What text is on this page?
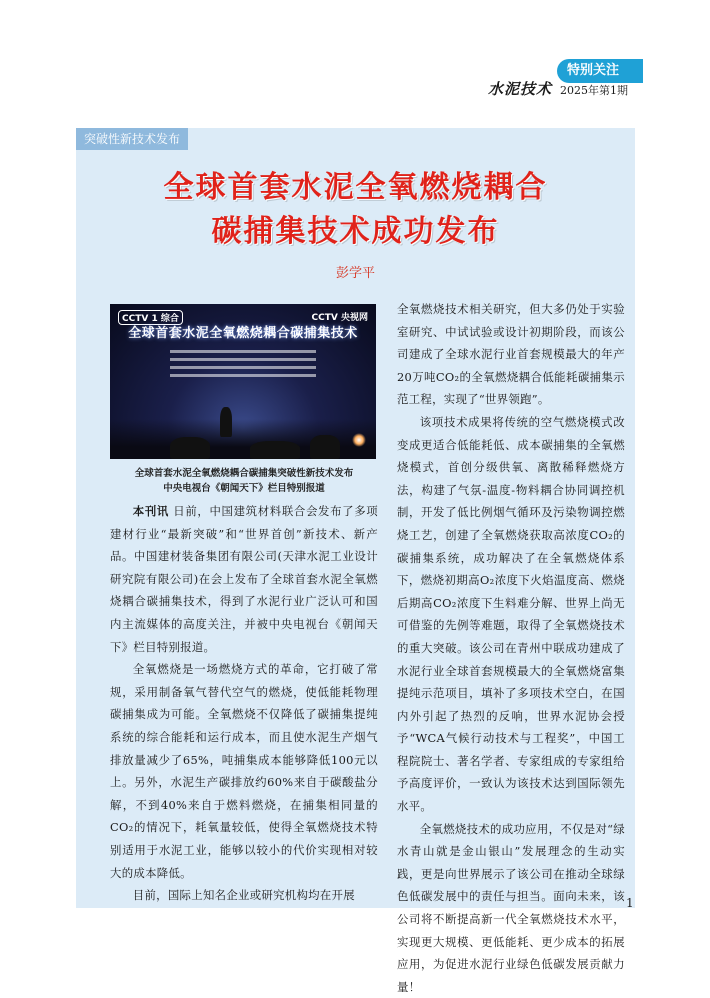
水泥技术 2025年第1期
特别关注
突破性新技术发布
全球首套水泥全氧燃烧耦合
碳捕集技术成功发布
彭学平
CCTV 1 综合	CCTV 央视网
全球首套水泥全氧燃烧耦合碳捕集技术
全球首套水泥全氧燃烧耦合碳捕集突破性新技术发布
中央电视台《朝闻天下》栏目特别报道

本刊讯 日前，中国建筑材料联合会发布了多项建材行业“最新突破”和“世界首创”新技术、新产品。中国建材装备集团有限公司(天津水泥工业设计研究院有限公司)在会上发布了全球首套水泥全氧燃烧耦合碳捕集技术，得到了水泥行业广泛认可和国内主流媒体的高度关注，并被中央电视台《朝闻天下》栏目特别报道。

全氧燃烧是一场燃烧方式的革命，它打破了常规，采用制备氧气替代空气的燃烧，使低能耗物理碳捕集成为可能。全氧燃烧不仅降低了碳捕集提纯系统的综合能耗和运行成本，而且使水泥生产烟气排放量减少了65%，吨捕集成本能够降低100元以上。另外，水泥生产碳排放约60%来自于碳酸盐分解，不到40%来自于燃料燃烧，在捕集相同量的CO₂的情况下，耗氧量较低，使得全氧燃烧技术特别适用于水泥工业，能够以较小的代价实现相对较大的成本降低。

目前，国际上知名企业或研究机构均在开展

全氧燃烧技术相关研究，但大多仍处于实验室研究、中试试验或设计初期阶段，而该公司建成了全球水泥行业首套规模最大的年产20万吨CO₂的全氧燃烧耦合低能耗碳捕集示范工程，实现了“世界领跑”。

该项技术成果将传统的空气燃烧模式改变成更适合低能耗低、成本碳捕集的全氧燃烧模式，首创分级供氧、离散稀释燃烧方法，构建了气氛-温度-物料耦合协同调控机制，开发了低比例烟气循环及污染物调控燃烧工艺，创建了全氧燃烧获取高浓度CO₂的碳捕集系统，成功解决了在全氧燃烧体系下，燃烧初期高O₂浓度下火焰温度高、燃烧后期高CO₂浓度下生料难分解、世界上尚无可借鉴的先例等难题，取得了全氧燃烧技术的重大突破。该公司在青州中联成功建成了水泥行业全球首套规模最大的全氧燃烧富集提纯示范项目，填补了多项技术空白，在国内外引起了热烈的反响，世界水泥协会授予“WCA气候行动技术与工程奖”，中国工程院院士、著名学者、专家组成的专家组给予高度评价，一致认为该技术达到国际领先水平。

全氧燃烧技术的成功应用，不仅是对“绿水青山就是金山银山”发展理念的生动实践，更是向世界展示了该公司在推动全球绿色低碳发展中的责任与担当。面向未来，该公司将不断提高新一代全氧燃烧技术水平，实现更大规模、更低能耗、更少成本的拓展应用，为促进水泥行业绿色低碳发展贡献力量！

1
